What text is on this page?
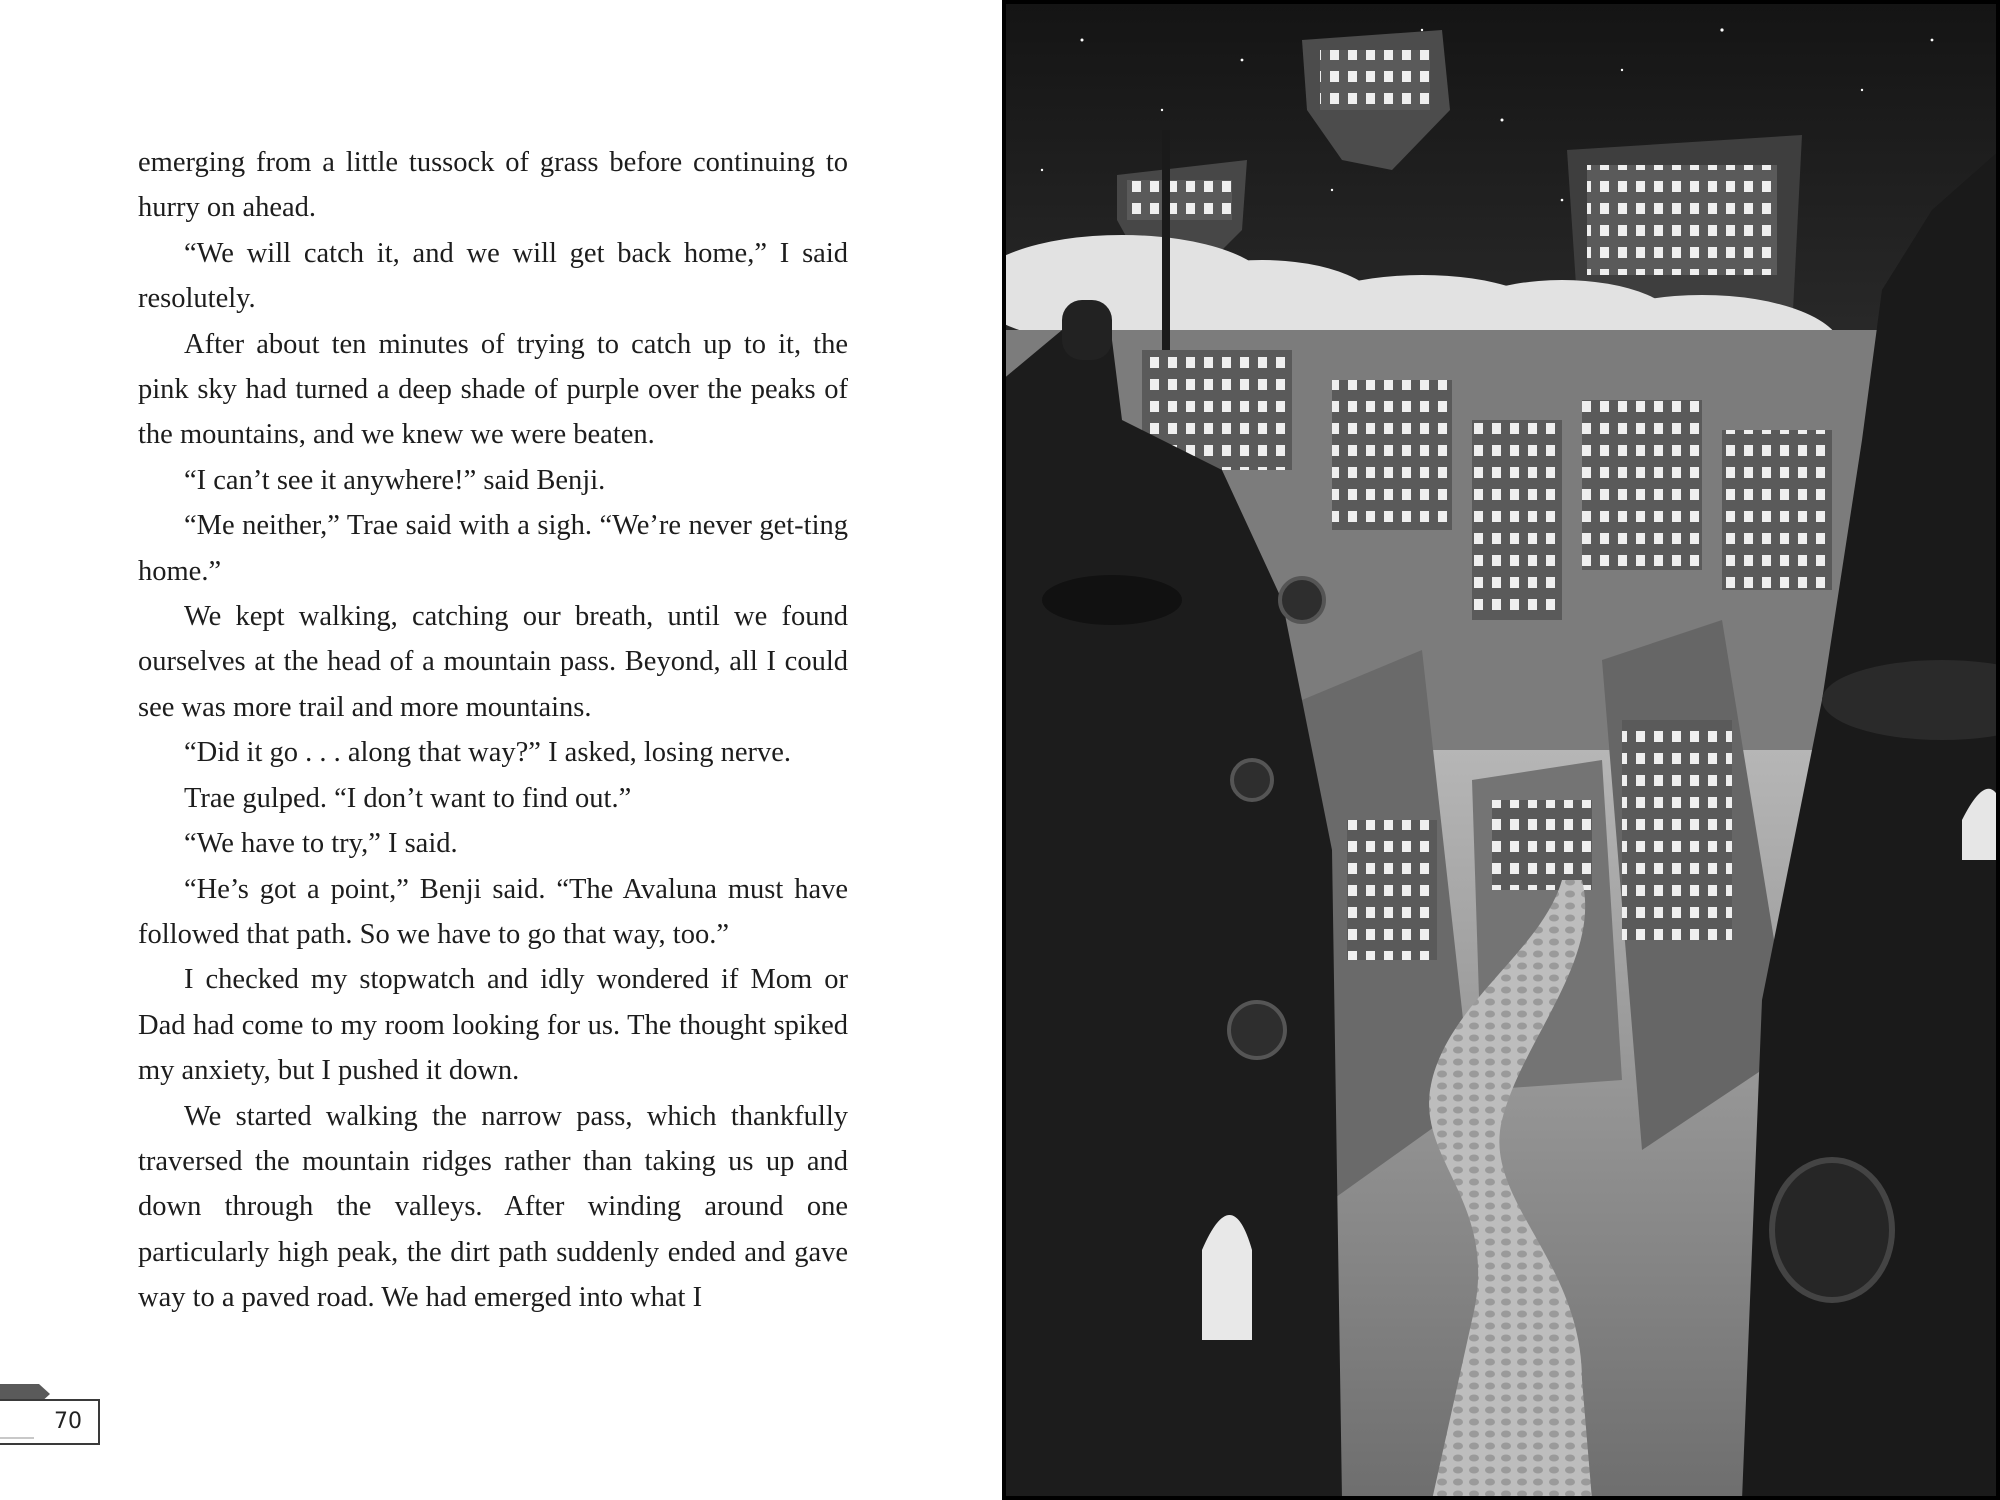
emerging from a little tussock of grass before continuing to hurry on ahead.

“We will catch it, and we will get back home,” I said resolutely.

After about ten minutes of trying to catch up to it, the pink sky had turned a deep shade of purple over the peaks of the mountains, and we knew we were beaten.

“I can’t see it anywhere!” said Benji.

“Me neither,” Trae said with a sigh. “We’re never get-ting home.”

We kept walking, catching our breath, until we found ourselves at the head of a mountain pass. Beyond, all I could see was more trail and more mountains.

“Did it go . . . along that way?” I asked, losing nerve.

Trae gulped. “I don’t want to find out.”

“We have to try,” I said.

“He’s got a point,” Benji said. “The Avaluna must have followed that path. So we have to go that way, too.”

I checked my stopwatch and idly wondered if Mom or Dad had come to my room looking for us. The thought spiked my anxiety, but I pushed it down.

We started walking the narrow pass, which thankfully traversed the mountain ridges rather than taking us up and down through the valleys. After winding around one particularly high peak, the dirt path suddenly ended and gave way to a paved road. We had emerged into what I

70
